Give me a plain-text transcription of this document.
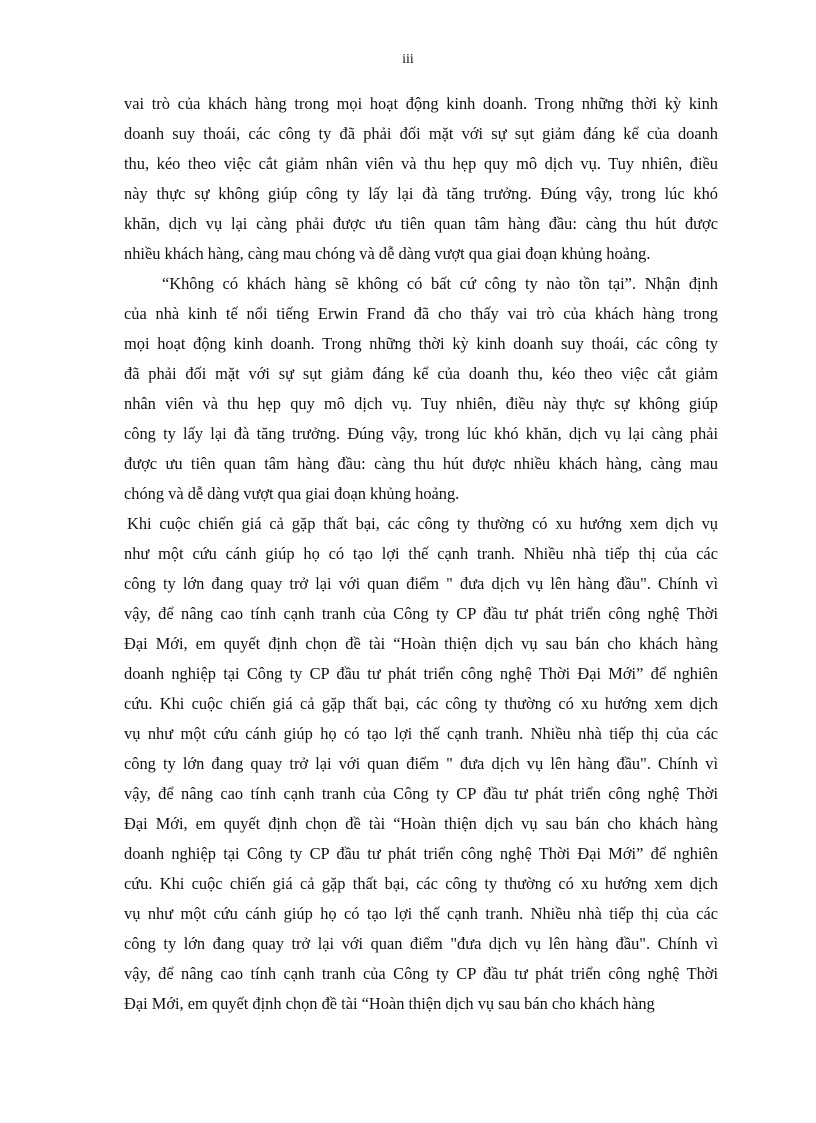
iii

vai trò của khách hàng trong mọi hoạt động kinh doanh. Trong những thời kỳ kinh
doanh suy thoái, các công ty đã phải đối mặt với sự sụt giảm đáng kể của doanh
thu, kéo theo việc cắt giảm nhân viên và thu hẹp quy mô dịch vụ. Tuy nhiên, điều
này thực sự không giúp công ty lấy lại đà tăng trưởng. Đúng vậy, trong lúc khó
khăn, dịch vụ lại càng phải được ưu tiên quan tâm hàng đầu: càng thu hút được
nhiều khách hàng, càng mau chóng và dễ dàng vượt qua giai đoạn khủng hoảng.
“Không có khách hàng sẽ không có bất cứ công ty nào tồn tại”. Nhận định
của nhà kinh tế nổi tiếng Erwin Frand đã cho thấy vai trò của khách hàng trong
mọi hoạt động kinh doanh. Trong những thời kỳ kinh doanh suy thoái, các công ty
đã phải đối mặt với sự sụt giảm đáng kể của doanh thu, kéo theo việc cắt giảm
nhân viên và thu hẹp quy mô dịch vụ. Tuy nhiên, điều này thực sự không giúp
công ty lấy lại đà tăng trưởng. Đúng vậy, trong lúc khó khăn, dịch vụ lại càng phải
được ưu tiên quan tâm hàng đầu: càng thu hút được nhiều khách hàng, càng mau
chóng và dễ dàng vượt qua giai đoạn khủng hoảng.
Khi cuộc chiến giá cả gặp thất bại, các công ty thường có xu hướng xem dịch vụ
như một cứu cánh giúp họ có tạo lợi thế cạnh tranh. Nhiều nhà tiếp thị của các
công ty lớn đang quay trở lại với quan điểm " đưa dịch vụ lên hàng đầu". Chính vì
vậy, để nâng cao tính cạnh tranh của Công ty CP đầu tư phát triển công nghệ Thời
Đại Mới, em quyết định chọn đề tài “Hoàn thiện dịch vụ sau bán cho khách hàng
doanh nghiệp tại Công ty CP đầu tư phát triển công nghệ Thời Đại Mới” để nghiên
cứu. Khi cuộc chiến giá cả gặp thất bại, các công ty thường có xu hướng xem dịch
vụ như một cứu cánh giúp họ có tạo lợi thế cạnh tranh. Nhiều nhà tiếp thị của các
công ty lớn đang quay trở lại với quan điểm " đưa dịch vụ lên hàng đầu". Chính vì
vậy, để nâng cao tính cạnh tranh của Công ty CP đầu tư phát triển công nghệ Thời
Đại Mới, em quyết định chọn đề tài “Hoàn thiện dịch vụ sau bán cho khách hàng
doanh nghiệp tại Công ty CP đầu tư phát triển công nghệ Thời Đại Mới” để nghiên
cứu. Khi cuộc chiến giá cả gặp thất bại, các công ty thường có xu hướng xem dịch
vụ như một cứu cánh giúp họ có tạo lợi thế cạnh tranh. Nhiều nhà tiếp thị của các
công ty lớn đang quay trở lại với quan điểm "đưa dịch vụ lên hàng đầu". Chính vì
vậy, để nâng cao tính cạnh tranh của Công ty CP đầu tư phát triển công nghệ Thời
Đại Mới, em quyết định chọn đề tài “Hoàn thiện dịch vụ sau bán cho khách hàng
